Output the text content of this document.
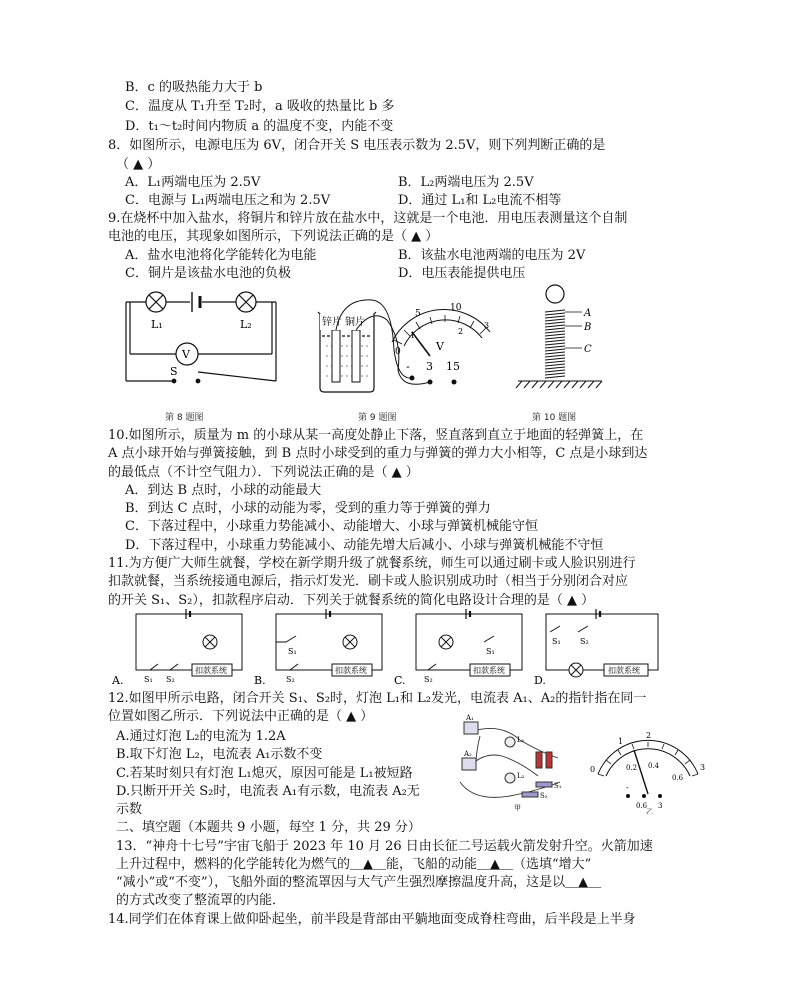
B．c 的吸热能力大于 b
C．温度从 T₁升至 T₂时，a 吸收的热量比 b 多
D．t₁～t₂时间内物质 a 的温度不变，内能不变
8．如图所示，电源电压为 6V，闭合开关 S 电压表示数为 2.5V，则下列判断正确的是
（ ▲ ）
A．L₁两端电压为 2.5V	B．L₂两端电压为 2.5V
C．电源与 L₁两端电压之和为 2.5V	D．通过 L₁和 L₂电流不相等
9.在烧杯中加入盐水，将铜片和锌片放在盐水中，这就是一个电池．用电压表测量这个自制
电池的电压，其现象如图所示，下列说法正确的是（ ▲ ）
A．盐水电池将化学能转化为电能	B．该盐水电池两端的电压为 2V
C．铜片是该盐水电池的负极	D．电压表能提供电压
第 8 题图	第 9 题图	第 10 题图
10.如图所示，质量为 m 的小球从某一高度处静止下落，竖直落到直立于地面的轻弹簧上，在
A 点小球开始与弹簧接触，到 B 点时小球受到的重力与弹簧的弹力大小相等，C 点是小球到达
的最低点（不计空气阻力）．下列说法正确的是（ ▲ ）
A．到达 B 点时，小球的动能最大
B．到达 C 点时，小球的动能为零，受到的重力等于弹簧的弹力
C．下落过程中，小球重力势能减小、动能增大、小球与弹簧机械能守恒
D．下落过程中，小球重力势能减小、动能先增大后减小、小球与弹簧机械能不守恒
11.为方便广大师生就餐，学校在新学期升级了就餐系统，师生可以通过刷卡或人脸识别进行
扣款就餐，当系统接通电源后，指示灯发光．刷卡或人脸识别成功时（相当于分别闭合对应
的开关 S₁、S₂），扣款程序启动．下列关于就餐系统的简化电路设计合理的是（ ▲ ）
12.如图甲所示电路，闭合开关 S₁、S₂时，灯泡 L₁和 L₂发光，电流表 A₁、A₂的指针指在同一
位置如图乙所示．下列说法中正确的是（ ▲ ）
A.通过灯泡 L₂的电流为 1.2A
B.取下灯泡 L₂，电流表 A₁示数不变
C.若某时刻只有灯泡 L₁熄灭，原因可能是 L₁被短路
D.只断开开关 S₂时，电流表 A₁有示数，电流表 A₂无
示数
二、填空题（本题共 9 小题，每空 1 分，共 29 分）
13．“神舟十七号”宇宙飞船于 2023 年 10 月 26 日由长征二号运载火箭发射升空。火箭加速
上升过程中，燃料的化学能转化为燃气的＿▲＿能，飞船的动能＿▲＿（选填“增大”
“减小”或“不变”），飞船外面的整流罩因与大气产生强烈摩擦温度升高，这是以＿▲＿
的方式改变了整流罩的内能．
14.同学们在体育课上做仰卧起坐，前半段是背部由平躺地面变成脊柱弯曲，后半段是上半身
V
L₁	L₂
S
锌片 铜片
0
5
10
1	2
3
V
- 3 15
A
B
C
A.
扣款系统
S₁ S₂	B.
扣款系统
S₁
S₂	C.
扣款系统
S₁
S₂	D.
扣款系统
S₁ S₂
A₁
A₂
L₁
L₂
S₁
S₂
甲
1
2
3
0	0.2 0.4
0.6
-
0.6 3
乙
